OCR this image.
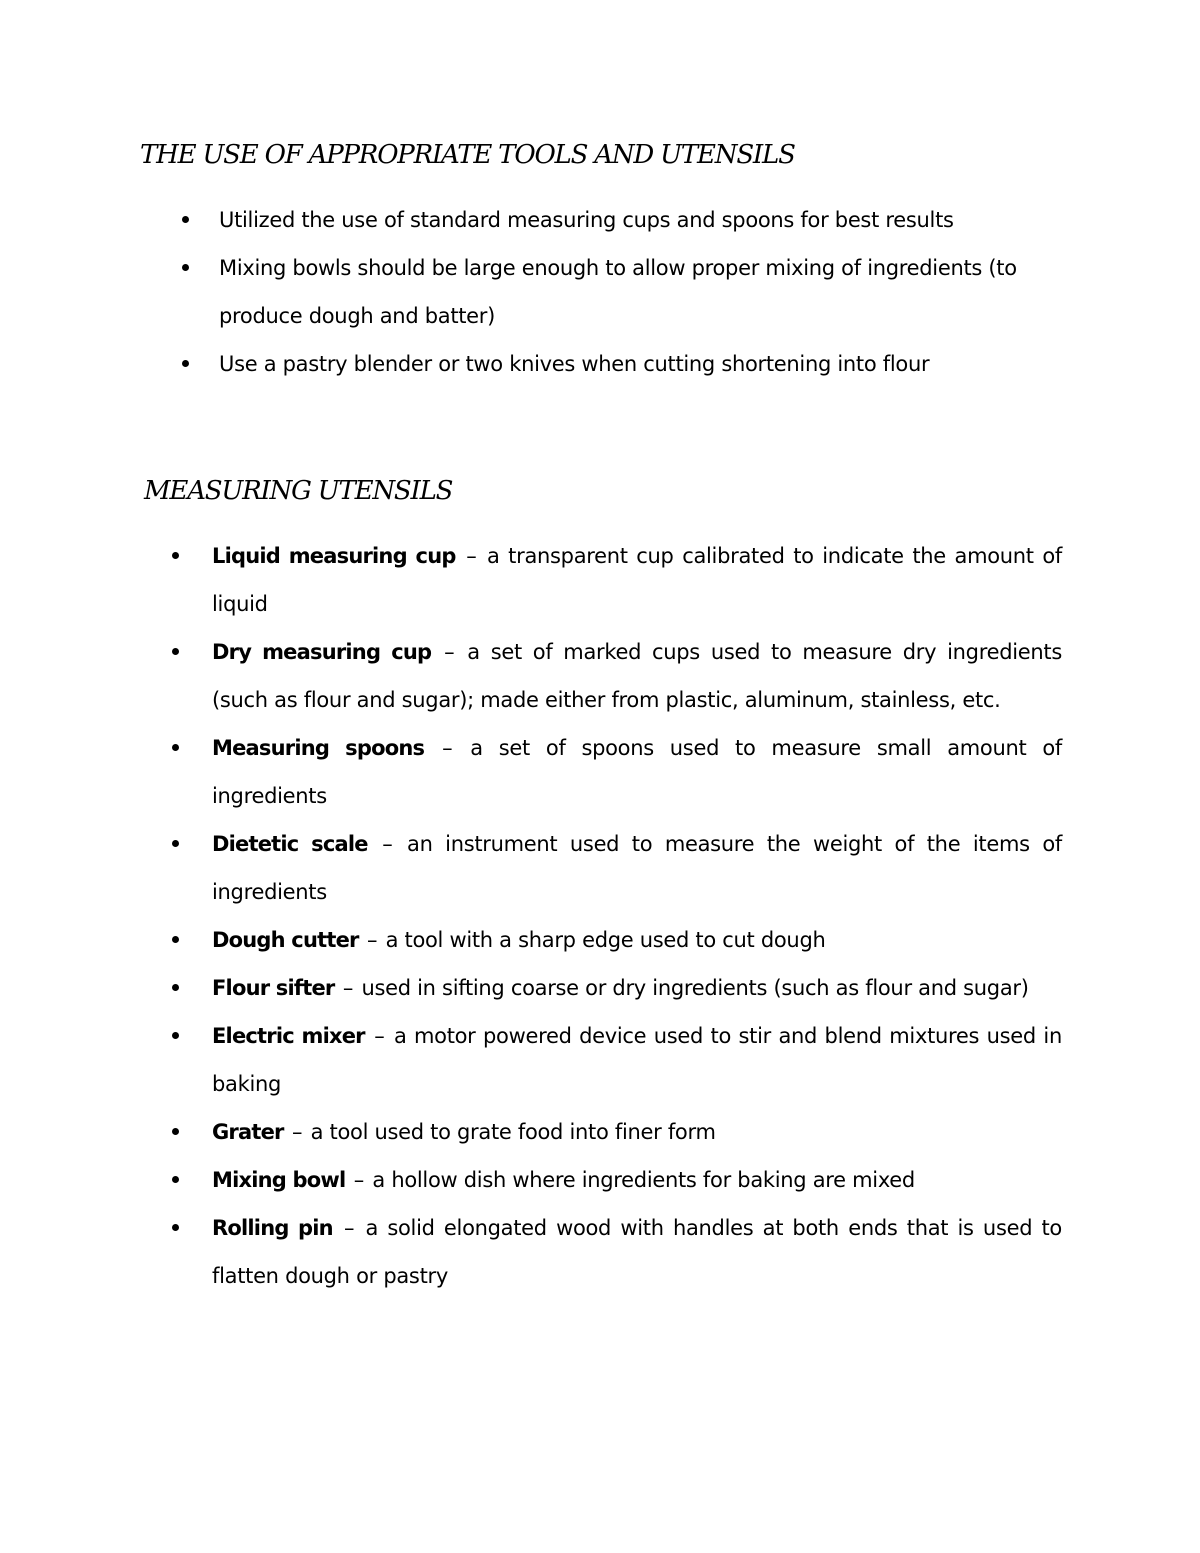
THE USE OF APPROPRIATE TOOLS AND UTENSILS
Utilized the use of standard measuring cups and spoons for best results
Mixing bowls should be large enough to allow proper mixing of ingredients (to produce dough and batter)
Use a pastry blender or two knives when cutting shortening into flour
MEASURING UTENSILS
Liquid measuring cup – a transparent cup calibrated to indicate the amount of liquid
Dry measuring cup – a set of marked cups used to measure dry ingredients (such as flour and sugar); made either from plastic, aluminum, stainless, etc.
Measuring spoons – a set of spoons used to measure small amount of ingredients
Dietetic scale – an instrument used to measure the weight of the items of ingredients
Dough cutter – a tool with a sharp edge used to cut dough
Flour sifter – used in sifting coarse or dry ingredients (such as flour and sugar)
Electric mixer – a motor powered device used to stir and blend mixtures used in baking
Grater – a tool used to grate food into finer form
Mixing bowl – a hollow dish where ingredients for baking are mixed
Rolling pin – a solid elongated wood with handles at both ends that is used to flatten dough or pastry
